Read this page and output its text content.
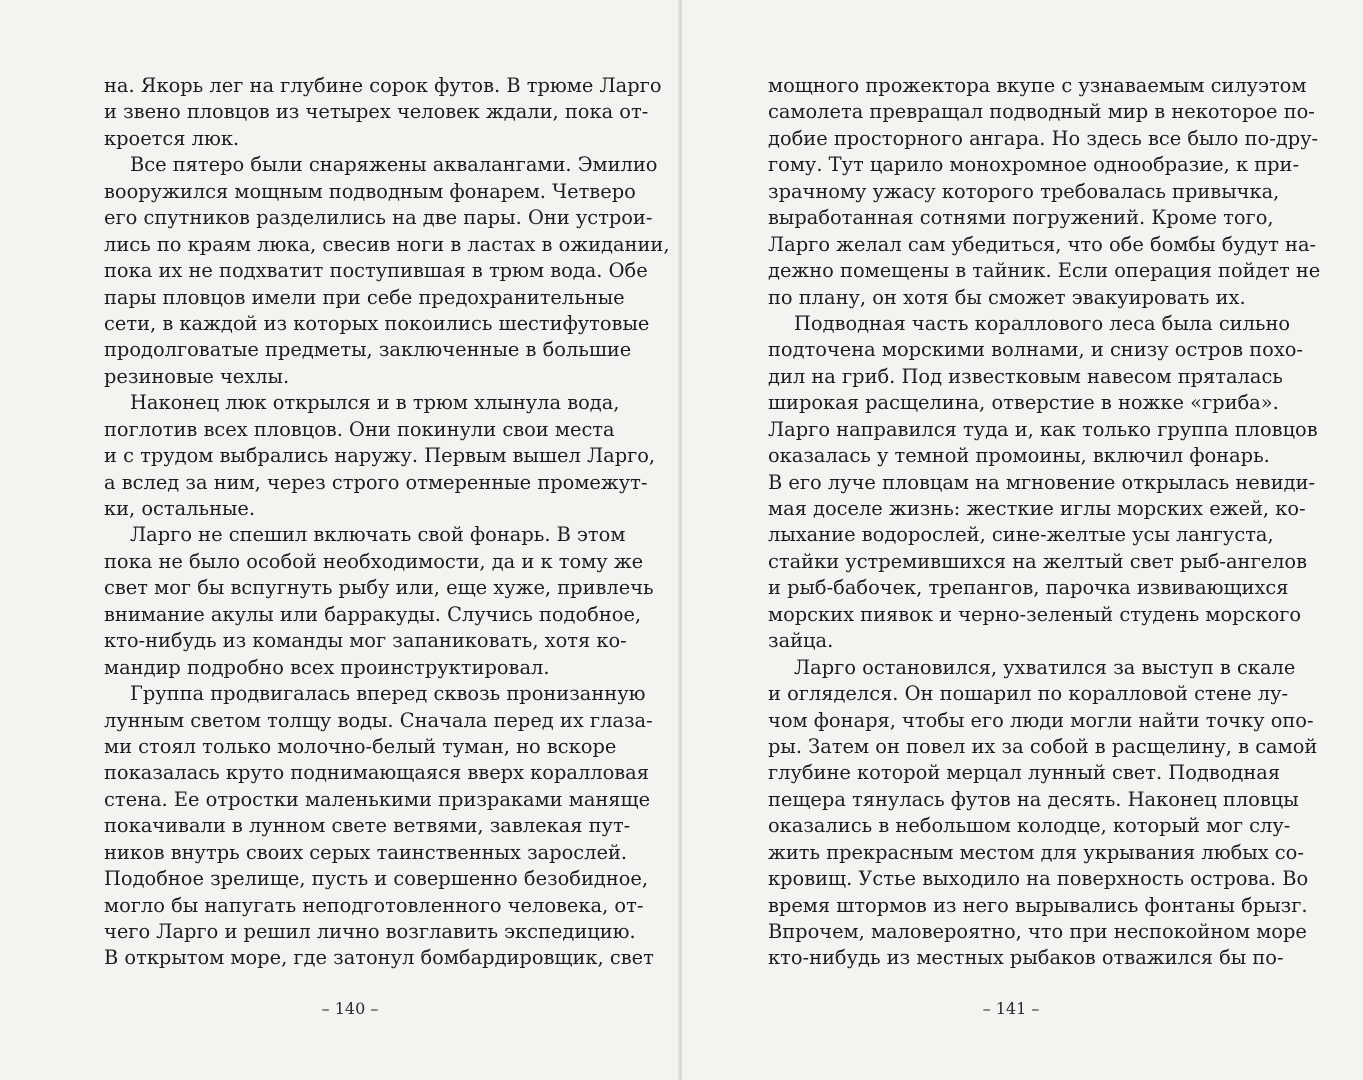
на. Якорь лег на глубине сорок футов. В трюме Ларго
и звено пловцов из четырех человек ждали, пока от-
кроется люк.
Все пятеро были снаряжены аквалангами. Эмилио
вооружился мощным подводным фонарем. Четверо
его спутников разделились на две пары. Они устрои-
лись по краям люка, свесив ноги в ластах в ожидании,
пока их не подхватит поступившая в трюм вода. Обе
пары пловцов имели при себе предохранительные
сети, в каждой из которых покоились шестифутовые
продолговатые предметы, заключенные в большие
резиновые чехлы.
Наконец люк открылся и в трюм хлынула вода,
поглотив всех пловцов. Они покинули свои места
и с трудом выбрались наружу. Первым вышел Ларго,
а вслед за ним, через строго отмеренные промежут-
ки, остальные.
Ларго не спешил включать свой фонарь. В этом
пока не было особой необходимости, да и к тому же
свет мог бы вспугнуть рыбу или, еще хуже, привлечь
внимание акулы или барракуды. Случись подобное,
кто-нибудь из команды мог запаниковать, хотя ко-
мандир подробно всех проинструктировал.
Группа продвигалась вперед сквозь пронизанную
лунным светом толщу воды. Сначала перед их глаза-
ми стоял только молочно-белый туман, но вскоре
показалась круто поднимающаяся вверх коралловая
стена. Ее отростки маленькими призраками маняще
покачивали в лунном свете ветвями, завлекая пут-
ников внутрь своих серых таинственных зарослей.
Подобное зрелище, пусть и совершенно безобидное,
могло бы напугать неподготовленного человека, от-
чего Ларго и решил лично возглавить экспедицию.
В открытом море, где затонул бомбардировщик, свет
– 140 –
мощного прожектора вкупе с узнаваемым силуэтом
самолета превращал подводный мир в некоторое по-
добие просторного ангара. Но здесь все было по-дру-
гому. Тут царило монохромное однообразие, к при-
зрачному ужасу которого требовалась привычка,
выработанная сотнями погружений. Кроме того,
Ларго желал сам убедиться, что обе бомбы будут на-
дежно помещены в тайник. Если операция пойдет не
по плану, он хотя бы сможет эвакуировать их.
Подводная часть кораллового леса была сильно
подточена морскими волнами, и снизу остров похо-
дил на гриб. Под известковым навесом пряталась
широкая расщелина, отверстие в ножке «гриба».
Ларго направился туда и, как только группа пловцов
оказалась у темной промоины, включил фонарь.
В его луче пловцам на мгновение открылась невиди-
мая доселе жизнь: жесткие иглы морских ежей, ко-
лыхание водорослей, сине-желтые усы лангуста,
стайки устремившихся на желтый свет рыб-ангелов
и рыб-бабочек, трепангов, парочка извивающихся
морских пиявок и черно-зеленый студень морского
зайца.
Ларго остановился, ухватился за выступ в скале
и огляделся. Он пошарил по коралловой стене лу-
чом фонаря, чтобы его люди могли найти точку опо-
ры. Затем он повел их за собой в расщелину, в самой
глубине которой мерцал лунный свет. Подводная
пещера тянулась футов на десять. Наконец пловцы
оказались в небольшом колодце, который мог слу-
жить прекрасным местом для укрывания любых со-
кровищ. Устье выходило на поверхность острова. Во
время штормов из него вырывались фонтаны брызг.
Впрочем, маловероятно, что при неспокойном море
кто-нибудь из местных рыбаков отважился бы по-
– 141 –
